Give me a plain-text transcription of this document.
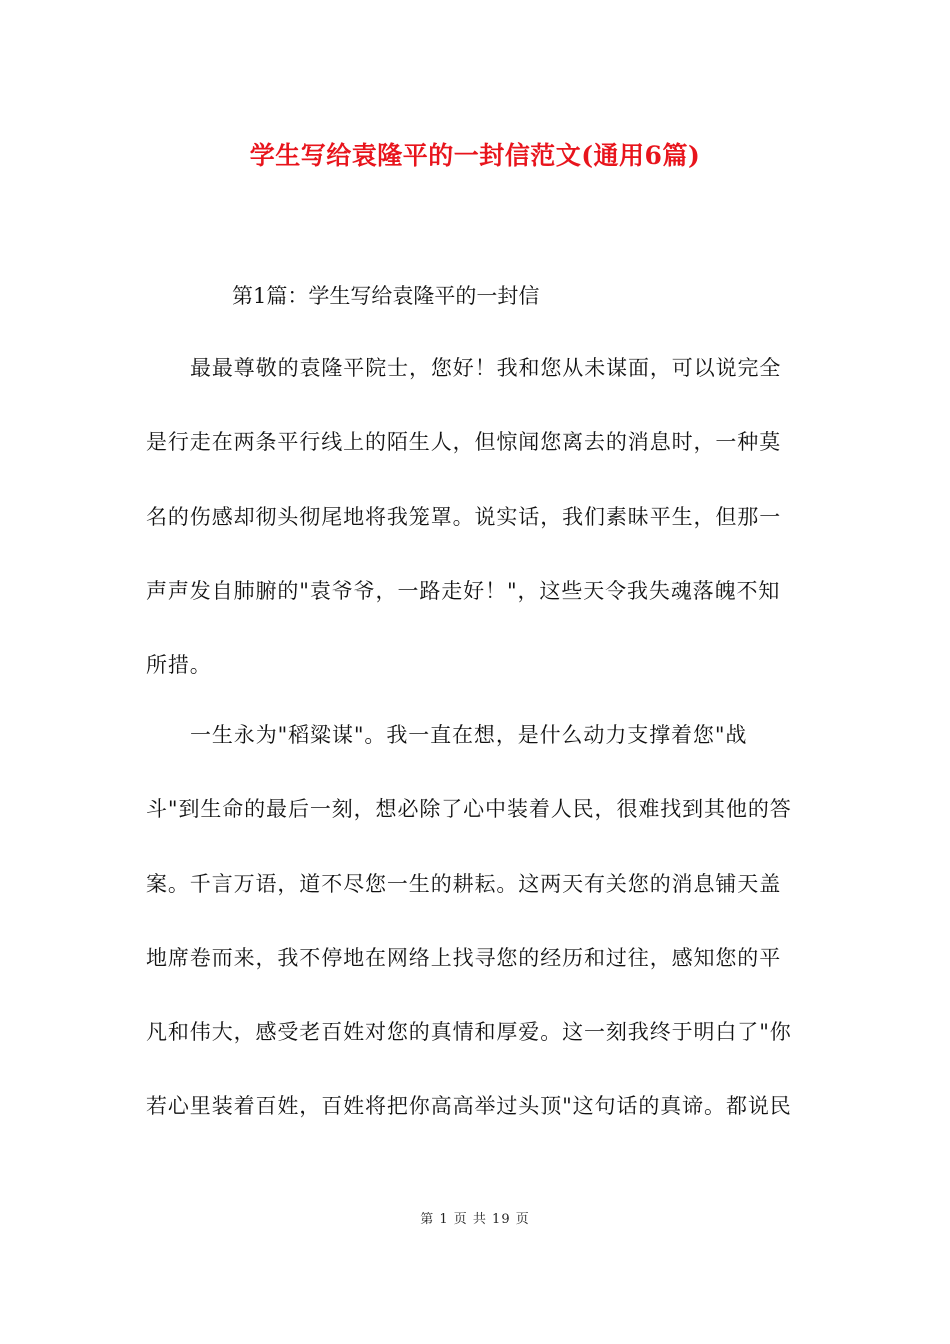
学生写给袁隆平的一封信范文(通用6篇)
第1篇：学生写给袁隆平的一封信
最最尊敬的袁隆平院士，您好！我和您从未谋面，可以说完全
是行走在两条平行线上的陌生人，但惊闻您离去的消息时，一种莫
名的伤感却彻头彻尾地将我笼罩。说实话，我们素昧平生，但那一
声声发自肺腑的"袁爷爷，一路走好！"，这些天令我失魂落魄不知
所措。
一生永为"稻粱谋"。我一直在想，是什么动力支撑着您"战
斗"到生命的最后一刻，想必除了心中装着人民，很难找到其他的答
案。千言万语，道不尽您一生的耕耘。这两天有关您的消息铺天盖
地席卷而来，我不停地在网络上找寻您的经历和过往，感知您的平
凡和伟大，感受老百姓对您的真情和厚爱。这一刻我终于明白了"你
若心里装着百姓，百姓将把你高高举过头顶"这句话的真谛。都说民
第 1 页 共 19 页
